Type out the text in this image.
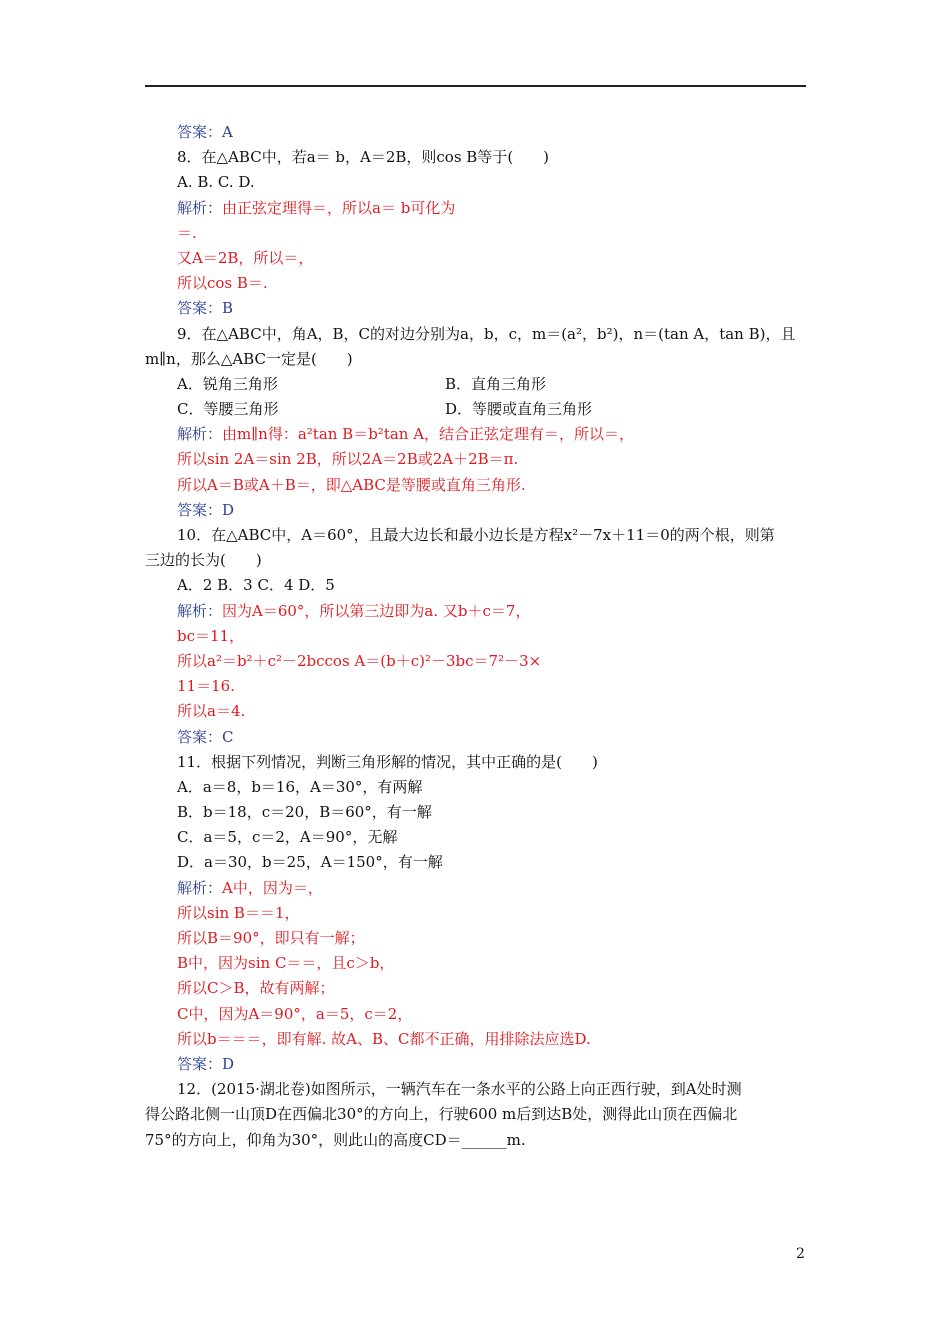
答案：A
8．在△ABC中，若a＝ b，A＝2B，则cos B等于(　　)
A. B. C. D.
解析：由正弦定理得＝，所以a＝ b可化为
＝.
又A＝2B，所以＝，
所以cos B＝.
答案：B
9．在△ABC中，角A，B，C的对边分别为a，b，c，m＝(a²，b²)，n＝(tan A，tan B)，且
m∥n，那么△ABC一定是(　　)
A．锐角三角形	B．直角三角形
C．等腰三角形	D．等腰或直角三角形
解析：由m∥n得：a²tan B＝b²tan A，结合正弦定理有＝，所以＝，
所以sin 2A＝sin 2B，所以2A＝2B或2A＋2B＝π.
所以A＝B或A＋B＝，即△ABC是等腰或直角三角形.
答案：D
10．在△ABC中，A＝60°，且最大边长和最小边长是方程x²－7x＋11＝0的两个根，则第
三边的长为(　　)
A．2 B．3 C．4 D．5
解析：因为A＝60°，所以第三边即为a. 又b＋c＝7，
bc＝11，
所以a²＝b²＋c²－2bccos A＝(b＋c)²－3bc＝7²－3×
11＝16.
所以a＝4.
答案：C
11．根据下列情况，判断三角形解的情况，其中正确的是(　　)
A．a＝8，b＝16，A＝30°，有两解
B．b＝18，c＝20，B＝60°，有一解
C．a＝5，c＝2，A＝90°，无解
D．a＝30，b＝25，A＝150°，有一解
解析：A中，因为＝，
所以sin B＝＝1，
所以B＝90°，即只有一解；
B中，因为sin C＝＝，且c＞b，
所以C＞B，故有两解；
C中，因为A＝90°，a＝5，c＝2，
所以b＝＝＝，即有解. 故A、B、C都不正确，用排除法应选D.
答案：D
12．(2015·湖北卷)如图所示，一辆汽车在一条水平的公路上向正西行驶，到A处时测
得公路北侧一山顶D在西偏北30°的方向上，行驶600 m后到达B处，测得此山顶在西偏北
75°的方向上，仰角为30°，则此山的高度CD＝______m.
2
